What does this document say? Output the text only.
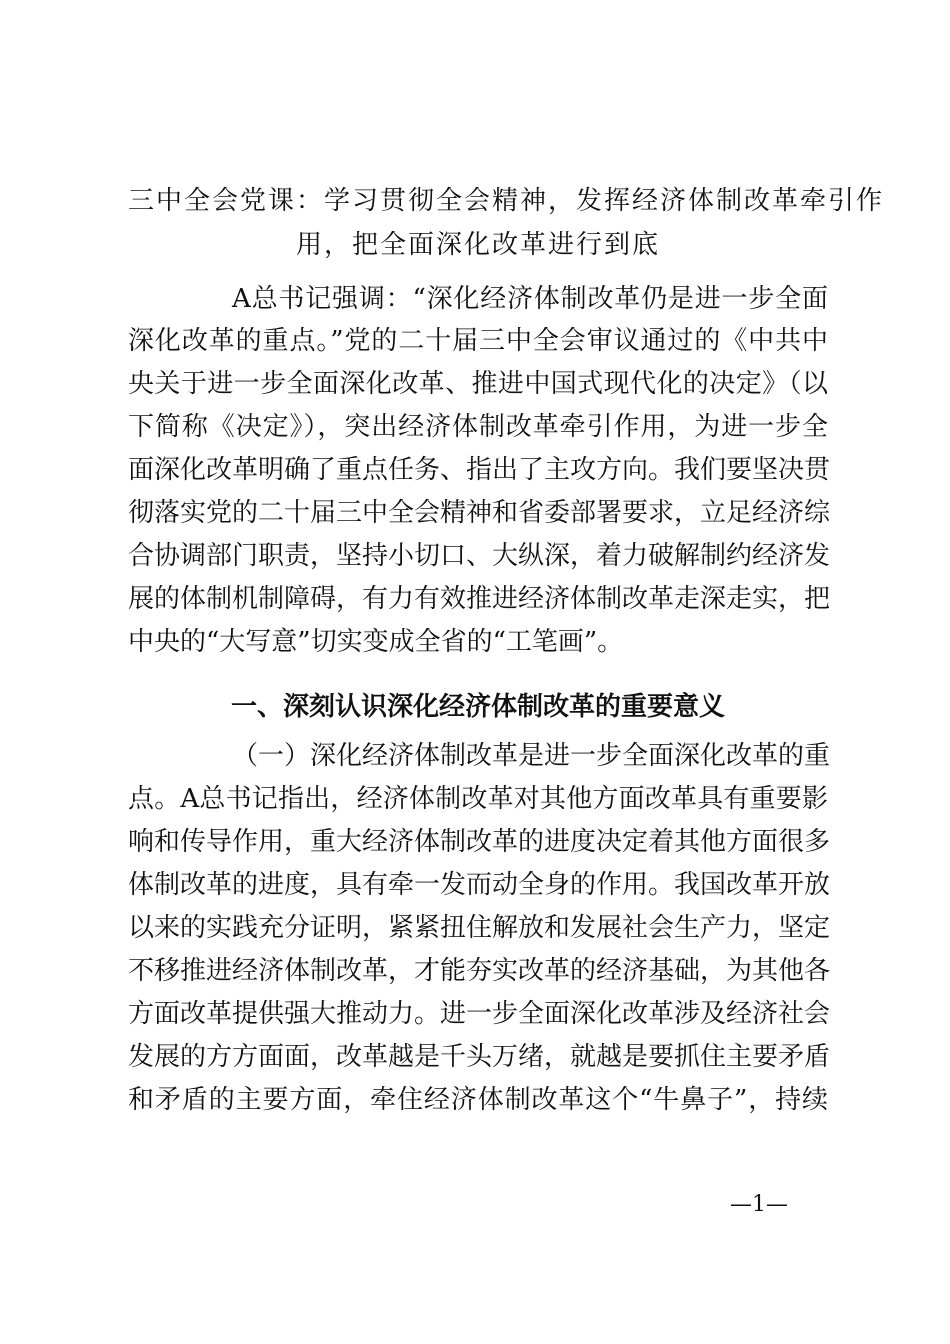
三中全会党课：学习贯彻全会精神，发挥经济体制改革牵引作
用，把全面深化改革进行到底
A总书记强调：“深化经济体制改革仍是进一步全面
深化改革的重点。”党的二十届三中全会审议通过的《中共中
央关于进一步全面深化改革、推进中国式现代化的决定》（以
下简称《决定》），突出经济体制改革牵引作用，为进一步全
面深化改革明确了重点任务、指出了主攻方向。我们要坚决贯
彻落实党的二十届三中全会精神和省委部署要求，立足经济综
合协调部门职责，坚持小切口、大纵深，着力破解制约经济发
展的体制机制障碍，有力有效推进经济体制改革走深走实，把
中央的“大写意”切实变成全省的“工笔画”。
一、深刻认识深化经济体制改革的重要意义
（一）深化经济体制改革是进一步全面深化改革的重
点。A总书记指出，经济体制改革对其他方面改革具有重要影
响和传导作用，重大经济体制改革的进度决定着其他方面很多
体制改革的进度，具有牵一发而动全身的作用。我国改革开放
以来的实践充分证明，紧紧扭住解放和发展社会生产力，坚定
不移推进经济体制改革，才能夯实改革的经济基础，为其他各
方面改革提供强大推动力。进一步全面深化改革涉及经济社会
发展的方方面面，改革越是千头万绪，就越是要抓住主要矛盾
和矛盾的主要方面，牵住经济体制改革这个“牛鼻子”，持续
—1—
